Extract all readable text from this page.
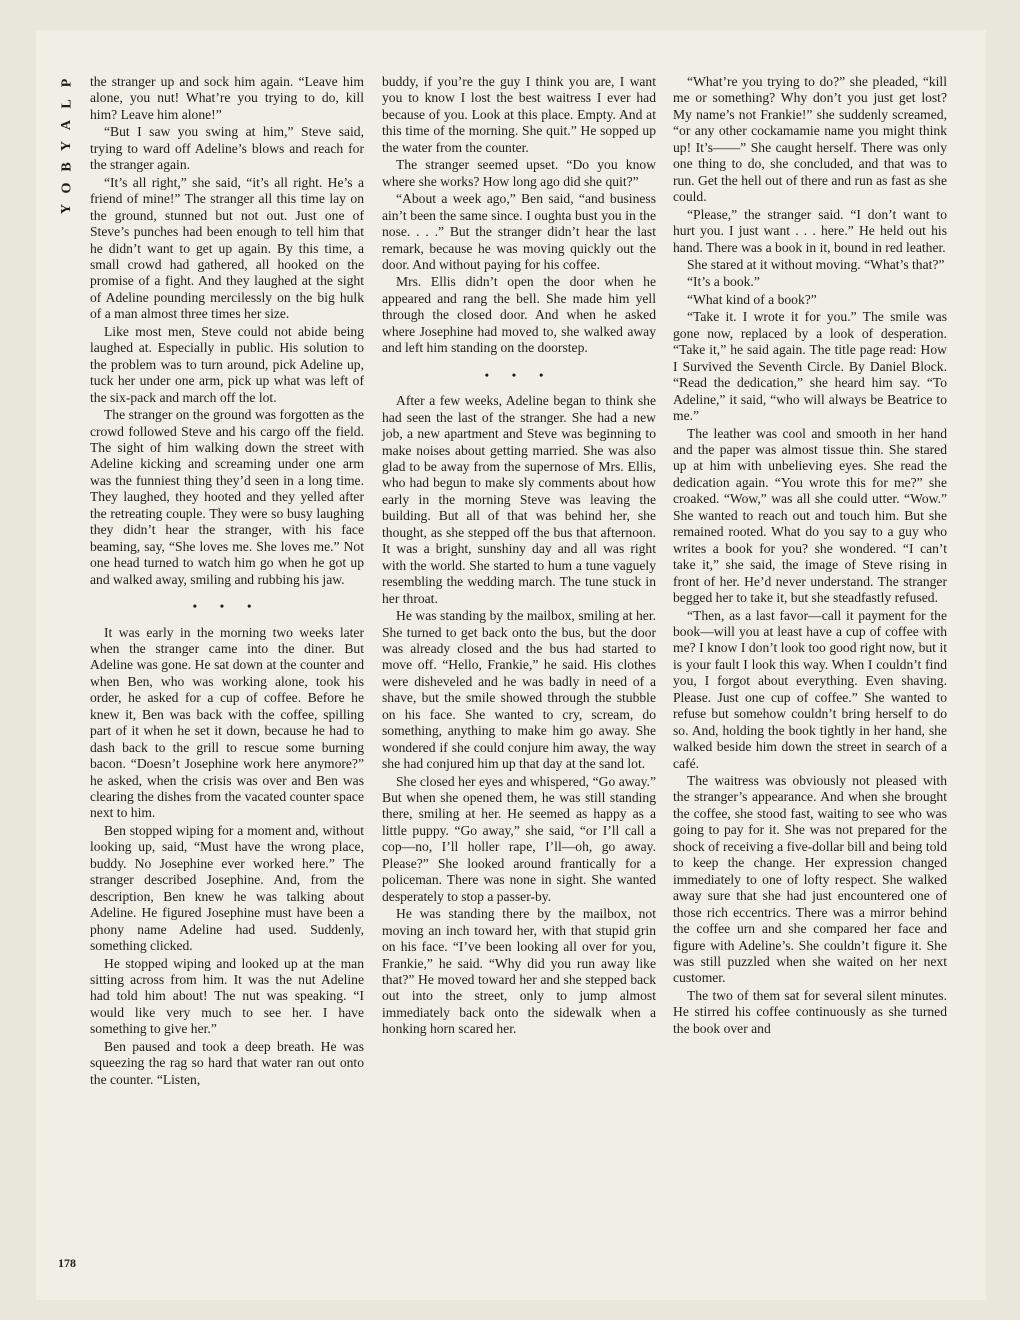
P
L
A
Y
B
O
Y

the stranger up and sock him again. “Leave him alone, you nut! What’re you trying to do, kill him? Leave him alone!”

“But I saw you swing at him,” Steve said, trying to ward off Adeline’s blows and reach for the stranger again.

“It’s all right,” she said, “it’s all right. He’s a friend of mine!” The stranger all this time lay on the ground, stunned but not out. Just one of Steve’s punches had been enough to tell him that he didn’t want to get up again. By this time, a small crowd had gathered, all hooked on the promise of a fight. And they laughed at the sight of Adeline pounding mercilessly on the big hulk of a man almost three times her size.

Like most men, Steve could not abide being laughed at. Especially in public. His solution to the problem was to turn around, pick Adeline up, tuck her under one arm, pick up what was left of the six-pack and march off the lot.

The stranger on the ground was forgotten as the crowd followed Steve and his cargo off the field. The sight of him walking down the street with Adeline kicking and screaming under one arm was the funniest thing they’d seen in a long time. They laughed, they hooted and they yelled after the retreating couple. They were so busy laughing they didn’t hear the stranger, with his face beaming, say, “She loves me. She loves me.” Not one head turned to watch him go when he got up and walked away, smiling and rubbing his jaw.

• • •

It was early in the morning two weeks later when the stranger came into the diner. But Adeline was gone. He sat down at the counter and when Ben, who was working alone, took his order, he asked for a cup of coffee. Before he knew it, Ben was back with the coffee, spilling part of it when he set it down, because he had to dash back to the grill to rescue some burning bacon. “Doesn’t Josephine work here anymore?” he asked, when the crisis was over and Ben was clearing the dishes from the vacated counter space next to him.

Ben stopped wiping for a moment and, without looking up, said, “Must have the wrong place, buddy. No Josephine ever worked here.” The stranger described Josephine. And, from the description, Ben knew he was talking about Adeline. He figured Josephine must have been a phony name Adeline had used. Suddenly, something clicked.

He stopped wiping and looked up at the man sitting across from him. It was the nut Adeline had told him about! The nut was speaking. “I would like very much to see her. I have something to give her.”

Ben paused and took a deep breath. He was squeezing the rag so hard that water ran out onto the counter. “Listen,

buddy, if you’re the guy I think you are, I want you to know I lost the best waitress I ever had because of you. Look at this place. Empty. And at this time of the morning. She quit.” He sopped up the water from the counter.

The stranger seemed upset. “Do you know where she works? How long ago did she quit?”

“About a week ago,” Ben said, “and business ain’t been the same since. I oughta bust you in the nose. . . .” But the stranger didn’t hear the last remark, because he was moving quickly out the door. And without paying for his coffee.

Mrs. Ellis didn’t open the door when he appeared and rang the bell. She made him yell through the closed door. And when he asked where Josephine had moved to, she walked away and left him standing on the doorstep.

• • •

After a few weeks, Adeline began to think she had seen the last of the stranger. She had a new job, a new apartment and Steve was beginning to make noises about getting married. She was also glad to be away from the supernose of Mrs. Ellis, who had begun to make sly comments about how early in the morning Steve was leaving the building. But all of that was behind her, she thought, as she stepped off the bus that afternoon. It was a bright, sunshiny day and all was right with the world. She started to hum a tune vaguely resembling the wedding march. The tune stuck in her throat.

He was standing by the mailbox, smiling at her. She turned to get back onto the bus, but the door was already closed and the bus had started to move off. “Hello, Frankie,” he said. His clothes were disheveled and he was badly in need of a shave, but the smile showed through the stubble on his face. She wanted to cry, scream, do something, anything to make him go away. She wondered if she could conjure him away, the way she had conjured him up that day at the sand lot.

She closed her eyes and whispered, “Go away.” But when she opened them, he was still standing there, smiling at her. He seemed as happy as a little puppy. “Go away,” she said, “or I’ll call a cop—no, I’ll holler rape, I’ll—oh, go away. Please?” She looked around frantically for a policeman. There was none in sight. She wanted desperately to stop a passer-by.

He was standing there by the mailbox, not moving an inch toward her, with that stupid grin on his face. “I’ve been looking all over for you, Frankie,” he said. “Why did you run away like that?” He moved toward her and she stepped back out into the street, only to jump almost immediately back onto the sidewalk when a honking horn scared her.

“What’re you trying to do?” she pleaded, “kill me or something? Why don’t you just get lost? My name’s not Frankie!” she suddenly screamed, “or any other cockamamie name you might think up! It’s——” She caught herself. There was only one thing to do, she concluded, and that was to run. Get the hell out of there and run as fast as she could.

“Please,” the stranger said. “I don’t want to hurt you. I just want . . . here.” He held out his hand. There was a book in it, bound in red leather.

She stared at it without moving. “What’s that?”

“It’s a book.”

“What kind of a book?”

“Take it. I wrote it for you.” The smile was gone now, replaced by a look of desperation. “Take it,” he said again. The title page read: How I Survived the Seventh Circle. By Daniel Block. “Read the dedication,” she heard him say. “To Adeline,” it said, “who will always be Beatrice to me.”

The leather was cool and smooth in her hand and the paper was almost tissue thin. She stared up at him with unbelieving eyes. She read the dedication again. “You wrote this for me?” she croaked. “Wow,” was all she could utter. “Wow.” She wanted to reach out and touch him. But she remained rooted. What do you say to a guy who writes a book for you? she wondered. “I can’t take it,” she said, the image of Steve rising in front of her. He’d never understand. The stranger begged her to take it, but she steadfastly refused.

“Then, as a last favor—call it payment for the book—will you at least have a cup of coffee with me? I know I don’t look too good right now, but it is your fault I look this way. When I couldn’t find you, I forgot about everything. Even shaving. Please. Just one cup of coffee.” She wanted to refuse but somehow couldn’t bring herself to do so. And, holding the book tightly in her hand, she walked beside him down the street in search of a café.

The waitress was obviously not pleased with the stranger’s appearance. And when she brought the coffee, she stood fast, waiting to see who was going to pay for it. She was not prepared for the shock of receiving a five-dollar bill and being told to keep the change. Her expression changed immediately to one of lofty respect. She walked away sure that she had just encountered one of those rich eccentrics. There was a mirror behind the coffee urn and she compared her face and figure with Adeline’s. She couldn’t figure it. She was still puzzled when she waited on her next customer.

The two of them sat for several silent minutes. He stirred his coffee continuously as she turned the book over and

178
